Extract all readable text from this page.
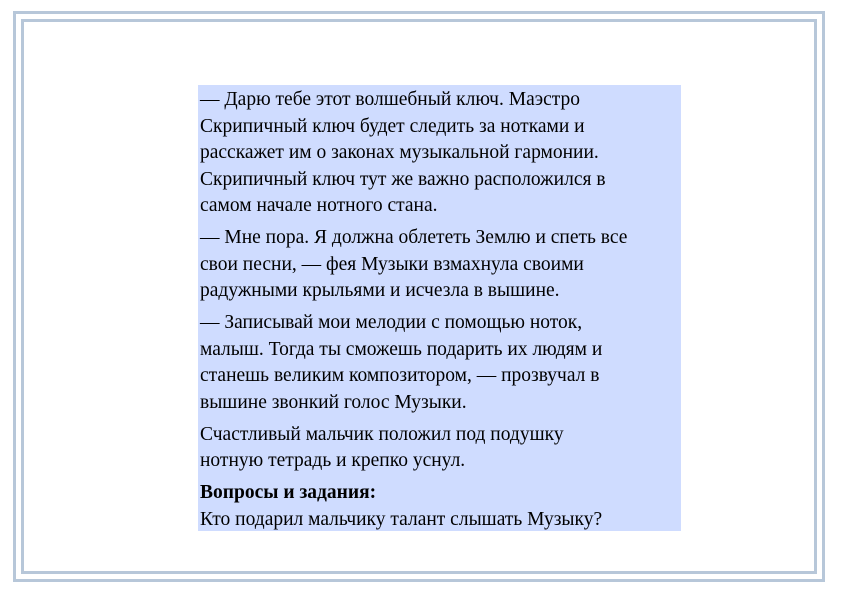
— Дарю тебе этот волшебный ключ. Маэстро
Скрипичный ключ будет следить за нотками и
расскажет им о законах музыкальной гармонии.
Скрипичный ключ тут же важно расположился в
самом начале нотного стана.

— Мне пора. Я должна облететь Землю и спеть все
свои песни, — фея Музыки взмахнула своими
радужными крыльями и исчезла в вышине.

— Записывай мои мелодии с помощью ноток,
малыш. Тогда ты сможешь подарить их людям и
станешь великим композитором, — прозвучал в
вышине звонкий голос Музыки.

Счастливый мальчик положил под подушку
нотную тетрадь и крепко уснул.

Вопросы и задания:

Кто подарил мальчику талант слышать Музыку?
